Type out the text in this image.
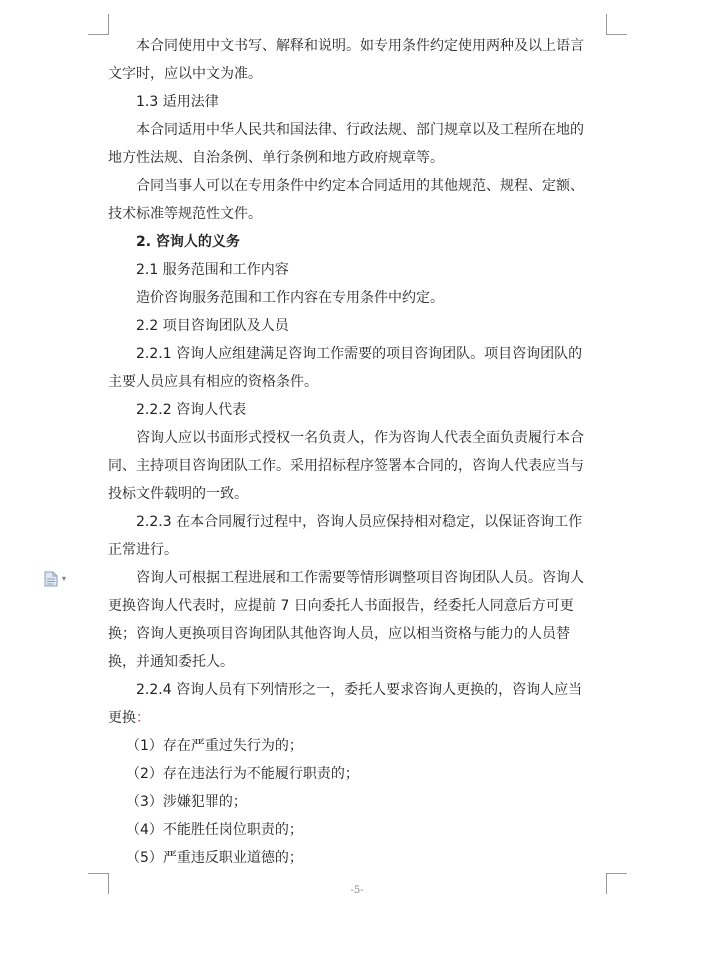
本合同使用中文书写、解释和说明。如专用条件约定使用两种及以上语言
文字时，应以中文为准。
1.3 适用法律
本合同适用中华人民共和国法律、行政法规、部门规章以及工程所在地的
地方性法规、自治条例、单行条例和地方政府规章等。
合同当事人可以在专用条件中约定本合同适用的其他规范、规程、定额、
技术标准等规范性文件。
2. 咨询人的义务
2.1 服务范围和工作内容
造价咨询服务范围和工作内容在专用条件中约定。
2.2 项目咨询团队及人员
2.2.1 咨询人应组建满足咨询工作需要的项目咨询团队。项目咨询团队的
主要人员应具有相应的资格条件。
2.2.2 咨询人代表
咨询人应以书面形式授权一名负责人，作为咨询人代表全面负责履行本合
同、主持项目咨询团队工作。采用招标程序签署本合同的，咨询人代表应当与
投标文件载明的一致。
2.2.3 在本合同履行过程中，咨询人员应保持相对稳定，以保证咨询工作
正常进行。
咨询人可根据工程进展和工作需要等情形调整项目咨询团队人员。咨询人
更换咨询人代表时，应提前 7 日向委托人书面报告，经委托人同意后方可更
换；咨询人更换项目咨询团队其他咨询人员，应以相当资格与能力的人员替
换，并通知委托人。
2.2.4 咨询人员有下列情形之一，委托人要求咨询人更换的，咨询人应当
更换：
（1）存在严重过失行为的；
（2）存在违法行为不能履行职责的；
（3）涉嫌犯罪的；
（4）不能胜任岗位职责的；
（5）严重违反职业道德的；
▾
-5-
